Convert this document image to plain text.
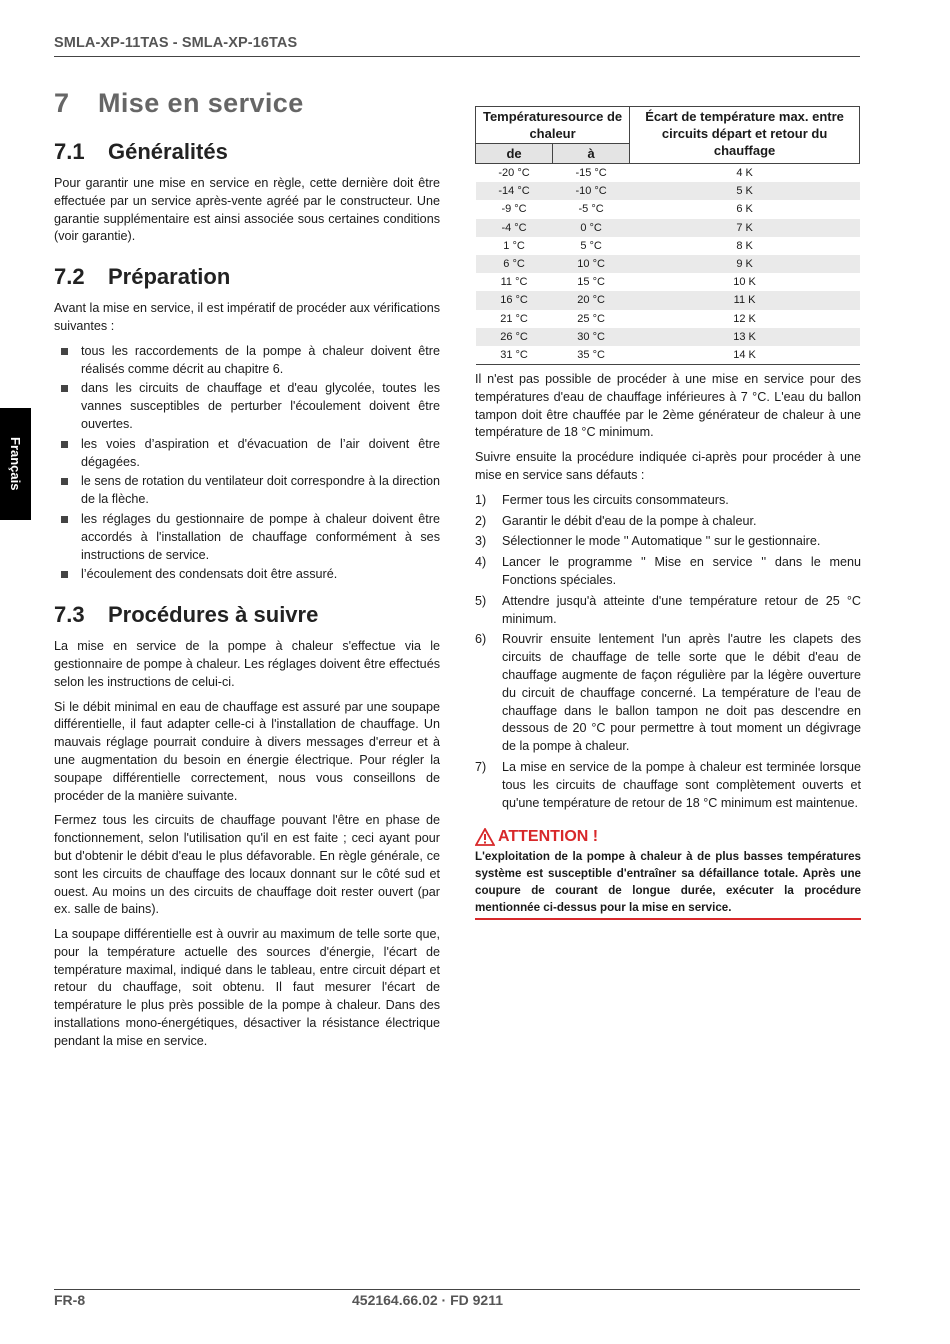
SMLA-XP-11TAS - SMLA-XP-16TAS
Français
7	Mise en service
7.1	Généralités

Pour garantir une mise en service en règle, cette dernière doit être effectuée par un service après-vente agréé par le constructeur. Une garantie supplémentaire est ainsi associée sous certaines conditions (voir garantie).

7.2	Préparation

Avant la mise en service, il est impératif de procéder aux vérifications suivantes :

tous les raccordements de la pompe à chaleur doivent être réalisés comme décrit au chapitre 6.
dans les circuits de chauffage et d'eau glycolée, toutes les vannes susceptibles de perturber l'écoulement doivent être ouvertes.
les voies d’aspiration et d'évacuation de l’air doivent être dégagées.
le sens de rotation du ventilateur doit correspondre à la direction de la flèche.
les réglages du gestionnaire de pompe à chaleur doivent être accordés à l'installation de chauffage conformément à ses instructions de service.
l’écoulement des condensats doit être assuré.
7.3	Procédures à suivre

La mise en service de la pompe à chaleur s'effectue via le gestionnaire de pompe à chaleur. Les réglages doivent être effectués selon les instructions de celui-ci.

Si le débit minimal en eau de chauffage est assuré par une soupape différentielle, il faut adapter celle-ci à l'installation de chauffage. Un mauvais réglage pourrait conduire à divers messages d'erreur et à une augmentation du besoin en énergie électrique. Pour régler la soupape différentielle correctement, nous vous conseillons de procéder de la manière suivante.

Fermez tous les circuits de chauffage pouvant l'être en phase de fonctionnement, selon l'utilisation qu'il en est faite ; ceci ayant pour but d'obtenir le débit d'eau le plus défavorable. En règle générale, ce sont les circuits de chauffage des locaux donnant sur le côté sud et ouest. Au moins un des circuits de chauffage doit rester ouvert (par ex. salle de bains).

La soupape différentielle est à ouvrir au maximum de telle sorte que, pour la température actuelle des sources d'énergie, l'écart de température maximal, indiqué dans le tableau, entre circuit départ et retour du chauffage, soit obtenu. Il faut mesurer l'écart de température le plus près possible de la pompe à chaleur. Dans des installations mono-énergétiques, désactiver la résistance électrique pendant la mise en service.

Températuresource de chaleur		Écart de température max. entre circuits départ et retour du chauffage
de	à	
-20 °C	-15 °C	4 K
-14 °C	-10 °C	5 K
-9 °C	-5 °C	6 K
-4 °C	0 °C	7 K
1 °C	5 °C	8 K
6 °C	10 °C	9 K
11 °C	15 °C	10 K
16 °C	20 °C	11 K
21 °C	25 °C	12 K
26 °C	30 °C	13 K
31 °C	35 °C	14 K

Il n'est pas possible de procéder à une mise en service pour des températures d'eau de chauffage inférieures à 7 °C. L'eau du ballon tampon doit être chauffée par le 2ème générateur de chaleur à une température de 18 °C minimum.

Suivre ensuite la procédure indiquée ci-après pour procéder à une mise en service sans défauts :

1) Fermer tous les circuits consommateurs.
2) Garantir le débit d'eau de la pompe à chaleur.
3) Sélectionner le mode '' Automatique '' sur le gestionnaire.
4) Lancer le programme '' Mise en service '' dans le menu Fonctions spéciales.
5) Attendre jusqu'à atteinte d'une température retour de 25 °C minimum.
6) Rouvrir ensuite lentement l'un après l'autre les clapets des circuits de chauffage de telle sorte que le débit d'eau de chauffage augmente de façon régulière par la légère ouverture du circuit de chauffage concerné. La température de l'eau de chauffage dans le ballon tampon ne doit pas descendre en dessous de 20 °C pour permettre à tout moment un dégivrage de la pompe à chaleur.
7) La mise en service de la pompe à chaleur est terminée lorsque tous les circuits de chauffage sont complètement ouverts et qu'une température de retour de 18 °C minimum est maintenue.
ATTENTION !
L'exploitation de la pompe à chaleur à de plus basses températures système est susceptible d'entraîner sa défaillance totale. Après une coupure de courant de longue durée, exécuter la procédure mentionnée ci-dessus pour la mise en service.
FR-8	452164.66.02 · FD 9211
